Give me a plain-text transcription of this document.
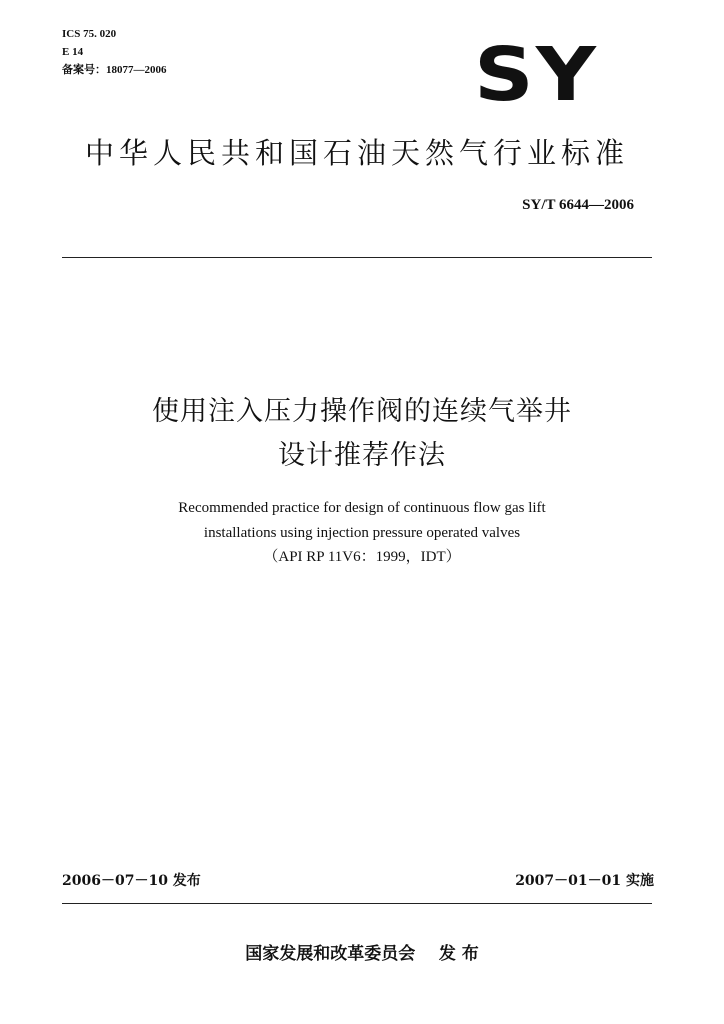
ICS 75. 020
E 14
备案号：18077—2006	SY
中华人民共和国石油天然气行业标准
SY/T 6644—2006
使用注入压力操作阀的连续气举井
设计推荐作法
Recommended practice for design of continuous flow gas lift
installations using injection pressure operated valves
（API RP 11V6：1999，IDT）
2006－07－10 发布	2007－01－01 实施
国家发展和改革委员会    发 布
